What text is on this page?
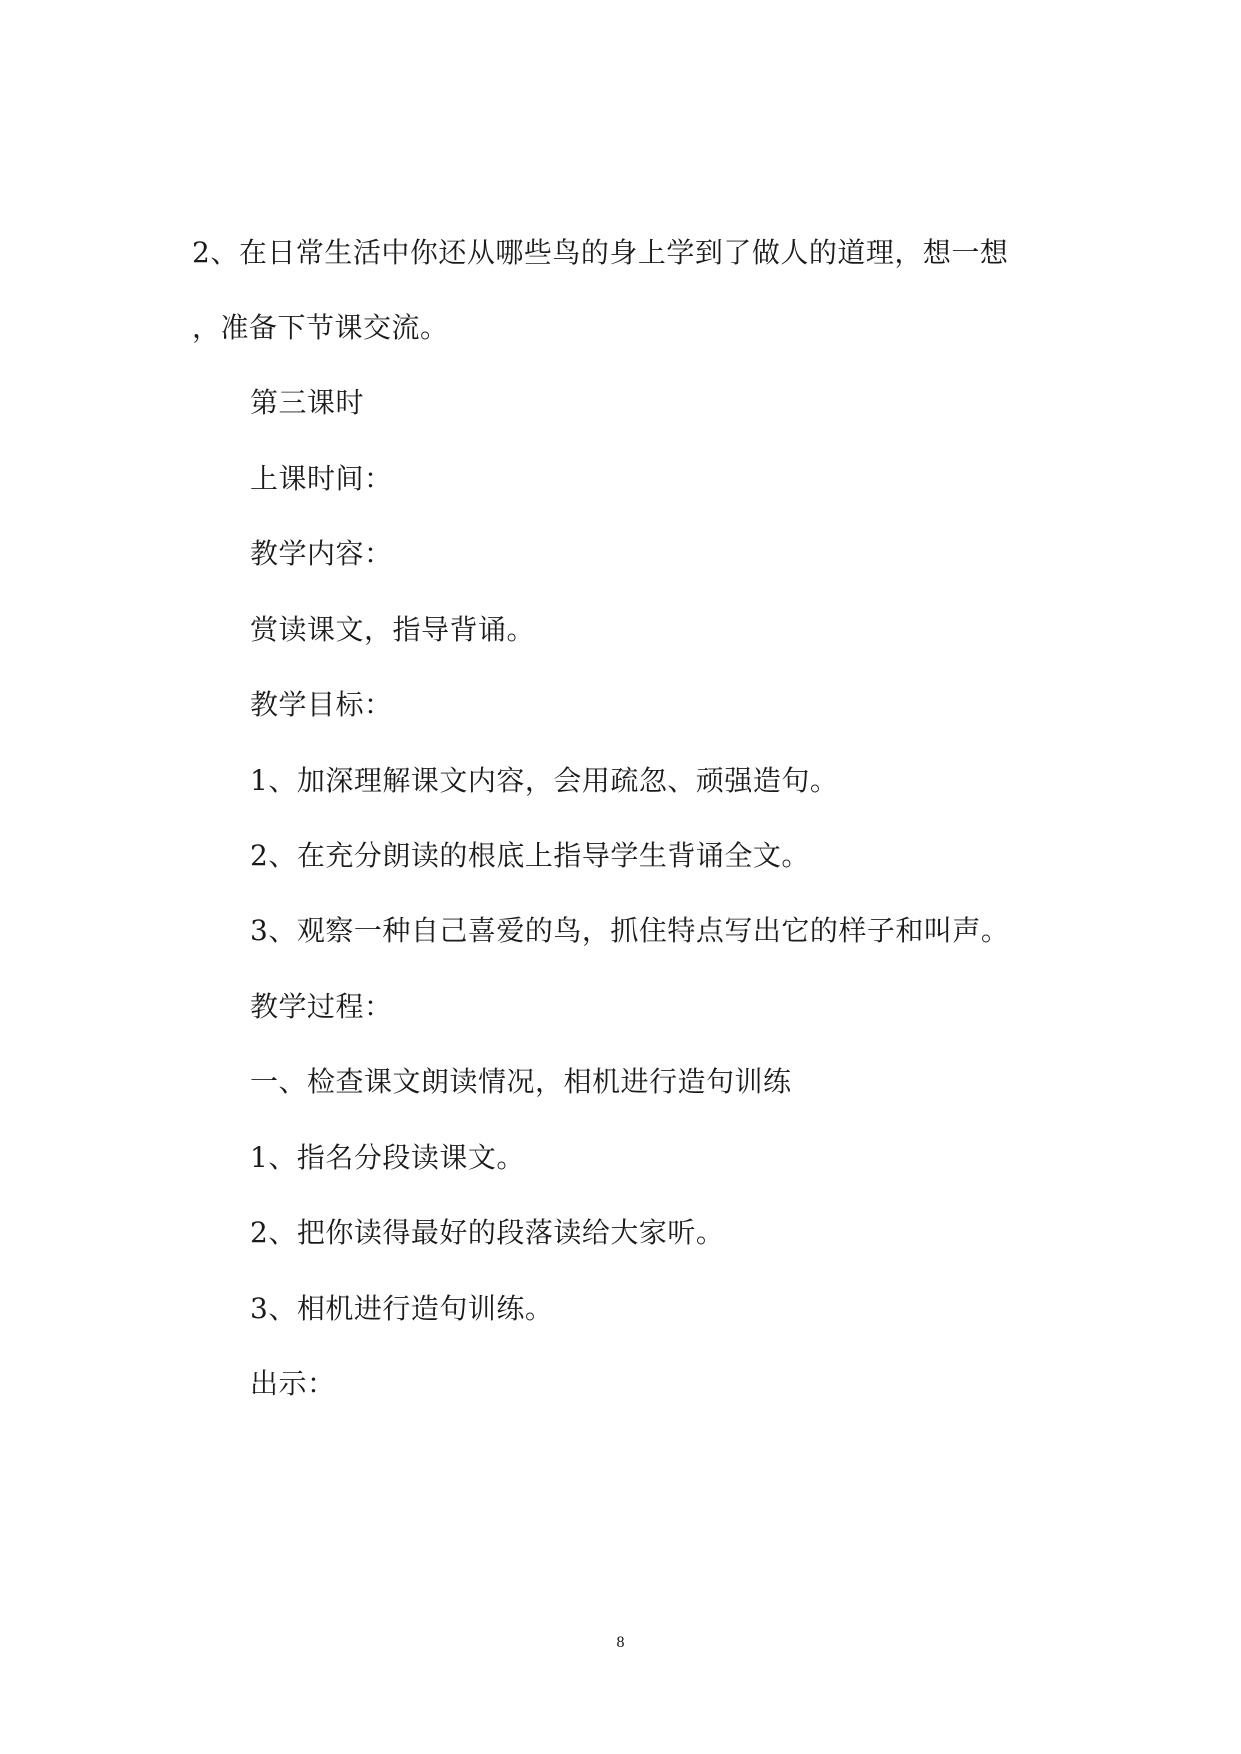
2、在日常生活中你还从哪些鸟的身上学到了做人的道理，想一想
，准备下节课交流。
第三课时
上课时间：
教学内容：
赏读课文，指导背诵。
教学目标：
1、加深理解课文内容，会用疏忽、顽强造句。
2、在充分朗读的根底上指导学生背诵全文。
3、观察一种自己喜爱的鸟，抓住特点写出它的样子和叫声。
教学过程：
一、检查课文朗读情况，相机进行造句训练
1、指名分段读课文。
2、把你读得最好的段落读给大家听。
3、相机进行造句训练。
出示：
8
